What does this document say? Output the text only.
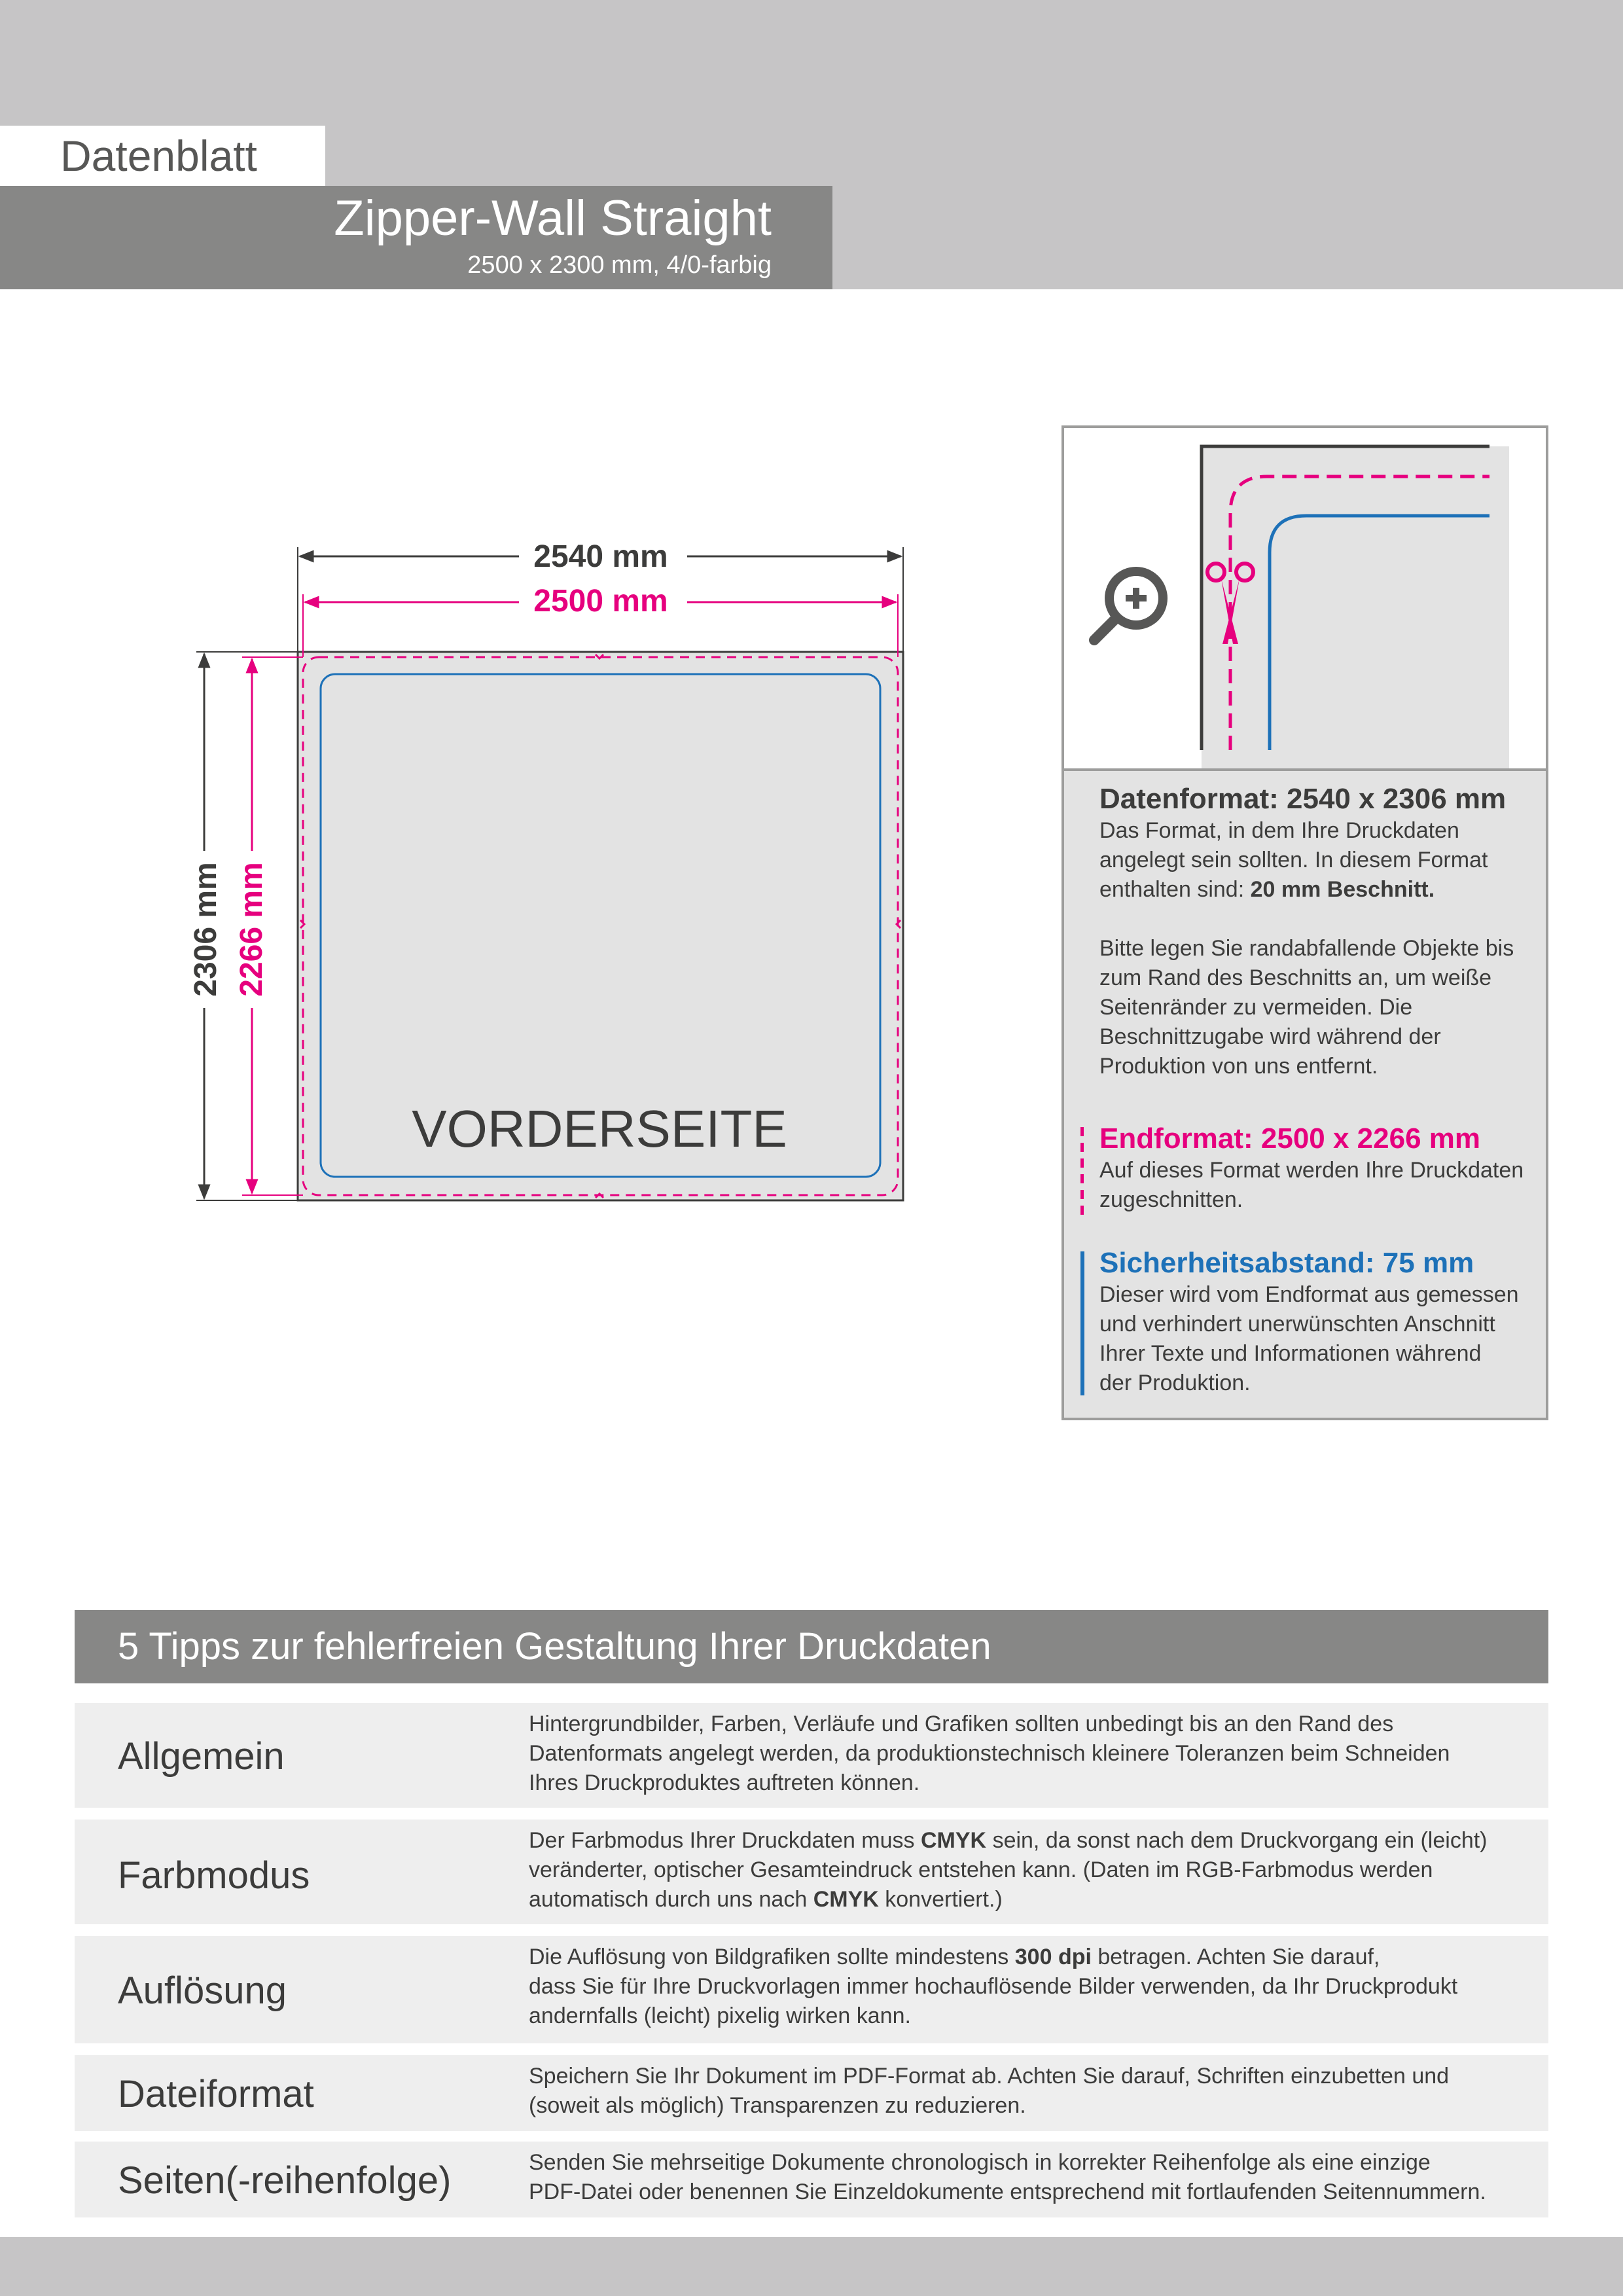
Datenblatt
Zipper-Wall Straight
2500 x 2300 mm, 4/0-farbig
2540 mm
2500 mm
2306 mm 2266 mm
VORDERSEITE
Datenformat: 2540 x 2306 mm
Das Format, in dem Ihre Druckdaten
angelegt sein sollten. In diesem Format
enthalten sind: 20 mm Beschnitt.
Bitte legen Sie randabfallende Objekte bis
zum Rand des Beschnitts an, um weiße
Seitenränder zu vermeiden. Die
Beschnittzugabe wird während der
Produktion von uns entfernt.
Endformat: 2500 x 2266 mm
Auf dieses Format werden Ihre Druckdaten
zugeschnitten.
Sicherheitsabstand: 75 mm
Dieser wird vom Endformat aus gemessen
und verhindert unerwünschten Anschnitt
Ihrer Texte und Informationen während
der Produktion.
5 Tipps zur fehlerfreien Gestaltung Ihrer Druckdaten
Allgemein
Hintergrundbilder, Farben, Verläufe und Grafiken sollten unbedingt bis an den Rand des
Datenformats angelegt werden, da produktionstechnisch kleinere Toleranzen beim Schneiden
Ihres Druckproduktes auftreten können.
Farbmodus
Der Farbmodus Ihrer Druckdaten muss CMYK sein, da sonst nach dem Druckvorgang ein (leicht)
veränderter, optischer Gesamteindruck entstehen kann. (Daten im RGB-Farbmodus werden
automatisch durch uns nach CMYK konvertiert.)
Auflösung
Die Auflösung von Bildgrafiken sollte mindestens 300 dpi betragen. Achten Sie darauf,
dass Sie für Ihre Druckvorlagen immer hochauflösende Bilder verwenden, da Ihr Druckprodukt
andernfalls (leicht) pixelig wirken kann.
Dateiformat	Speichern Sie Ihr Dokument im PDF-Format ab. Achten Sie darauf, Schriften einzubetten und
(soweit als möglich) Transparenzen zu reduzieren.
Seiten(-reihenfolge)	Senden Sie mehrseitige Dokumente chronologisch in korrekter Reihenfolge als eine einzige
PDF-Datei oder benennen Sie Einzeldokumente entsprechend mit fortlaufenden Seitennummern.
